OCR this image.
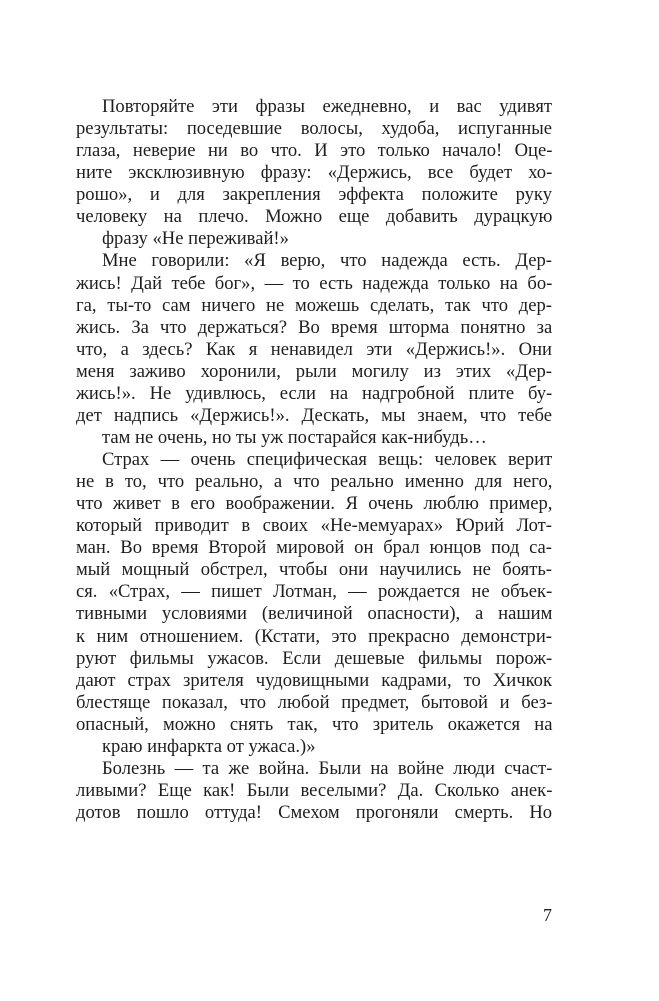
Повторяйте эти фразы ежедневно, и вас удивят
результаты: поседевшие волосы, худоба, испуганные
глаза, неверие ни во что. И это только начало! Оце-
ните эксклюзивную фразу: «Держись, все будет хо-
рошо», и для закрепления эффекта положите руку
человеку на плечо. Можно еще добавить дурацкую
фразу «Не переживай!»
Мне говорили: «Я верю, что надежда есть. Дер-
жись! Дай тебе бог», — то есть надежда только на бо-
га, ты-то сам ничего не можешь сделать, так что дер-
жись. За что держаться? Во время шторма понятно за
что, а здесь? Как я ненавидел эти «Держись!». Они
меня заживо хоронили, рыли могилу из этих «Дер-
жись!». Не удивлюсь, если на надгробной плите бу-
дет надпись «Держись!». Дескать, мы знаем, что тебе
там не очень, но ты уж постарайся как-нибудь…
Страх — очень специфическая вещь: человек верит
не в то, что реально, а что реально именно для него,
что живет в его воображении. Я очень люблю пример,
который приводит в своих «Не-мемуарах» Юрий Лот-
ман. Во время Второй мировой он брал юнцов под са-
мый мощный обстрел, чтобы они научились не боять-
ся. «Страх, — пишет Лотман, — рождается не объек-
тивными условиями (величиной опасности), а нашим
к ним отношением. (Кстати, это прекрасно демонстри-
руют фильмы ужасов. Если дешевые фильмы порож-
дают страх зрителя чудовищными кадрами, то Хичкок
блестяще показал, что любой предмет, бытовой и без-
опасный, можно снять так, что зритель окажется на
краю инфаркта от ужаса.)»
Болезнь — та же война. Были на войне люди счаст-
ливыми? Еще как! Были веселыми? Да. Сколько анек-
дотов пошло оттуда! Смехом прогоняли смерть. Но
7
